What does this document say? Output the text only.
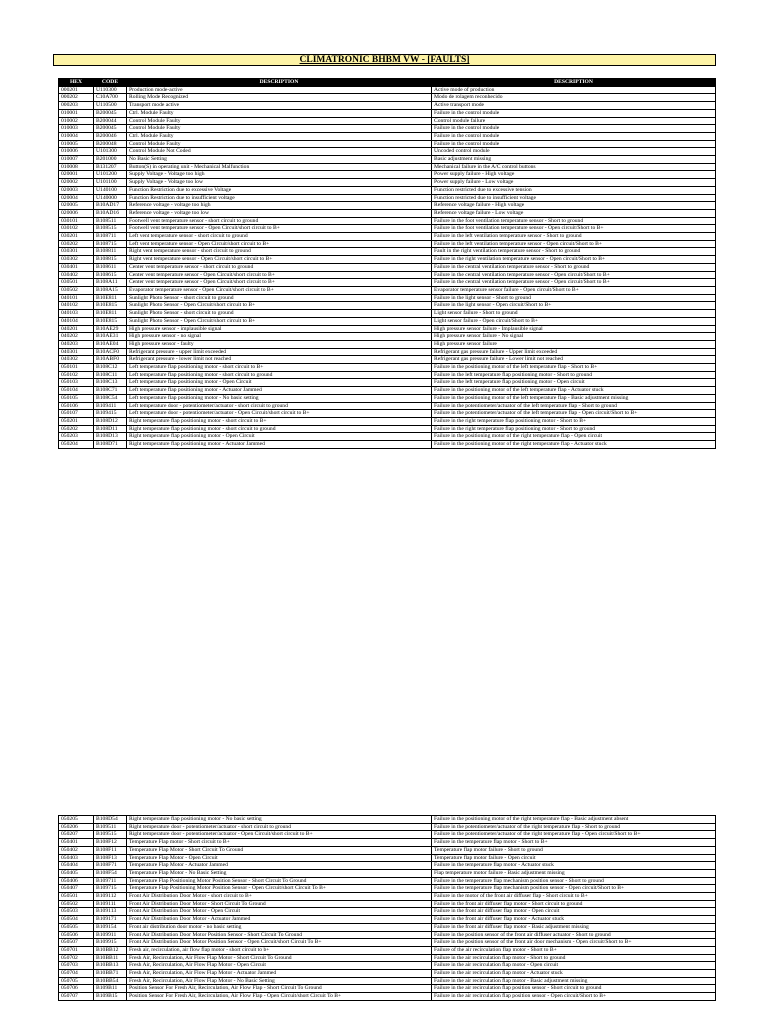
CLIMATRONIC BHBM VW - [FAULTS]
HEX	CODE	DESCRIPTION	DESCRIPTION
000201	U110300	Production mode-active	Active mode of production
000202	C10A700	Rolling Mode Recognized	Modo de rolagem reconhecido
000203	U110500	Transport mode active	Active transport mode
010001	B200045	Ctrl. Module Faulty	Failure in the control module
010002	B200044	Control Module Faulty	Control module failure
010003	B200045	Control Module Faulty	Failure in the control module
010004	B200046	Ctrl. Module Faulty	Failure in the control module
010005	B200048	Control Module Faulty	Failure in the control module
010006	U101300	Control Module Not Coded	Uncoded control module
010007	B201000	No Basic Setting	Basic adjustment missing
010008	B131207	Button(S) in operating unit - Mechanical Malfunction	Mechanical failure in the A/C control buttons
020001	U101200	Supply Voltage - Voltage too high	Power supply failure - High voltage
020002	U101100	Supply Voltage - Voltage too low	Power supply failure - Low voltage
020003	U140100	Function Restriction due to excessive Voltage	Function restricted due to excessive tension
020004	U140000	Function Restriction due to insufficient voltage	Function restricted due to insufficient voltage
020005	B10AD17	Reference voltage - voltage too high	Reference voltage failure - High voltage
020006	B10AD16	Reference voltage - voltage too low	Reference voltage failure - Low voltage
030101	B108511	Footwell vent temperature sensor - short circuit to ground	Failure in the foot ventilation temperature sensor - Short to ground
030102	B108515	Footwell vent temperature sensor - Open Circuit/short circuit to B+	Failure in the foot ventilation temperature sensor - Open circuit/Short to B+
030201	B108711	Left vent temperature sensor - short circuit to ground	Failure in the left ventilation temperature sensor - Short to ground
030202	B108715	Left vent temperature sensor - Open Circuit/short circuit to B+	Failure in the left ventilation temperature sensor - Open circuit/Short to B+
030301	B108811	Right vent temperature sensor - short circuit to ground	Fault in the right ventilation temperature sensor - Short to ground
030302	B108815	Right vent temperature sensor - Open Circuit/short circuit to B+	Failure in the right ventilation temperature sensor - Open circuit/Short to B+
030401	B108611	Center vent temperature sensor - short circuit to ground	Failure in the central ventilation temperature sensor - Short to ground
030402	B108615	Center vent temperature sensor - Open Circuit/short circuit to B+	Failure in the central ventilation temperature sensor - Open circuit/Short to B+
030501	B108A11	Center vent temperature sensor - Open Circuit/short circuit to B+	Failure in the central ventilation temperature sensor - Open circuit/Short to B+
030502	B108A15	Evaporator temperature sensor - Open Circuit/short circuit to B+	Evaporator temperature sensor failure - Open circuit/Short to B+
040101	B10E811	Sunlight Photo Sensor - short circuit to ground	Failure in the light sensor - Short to ground
040102	B10E815	Sunlight Photo Sensor - Open Circuit/short circuit to B+	Failure in the light sensor - Open circuit/Short to B+
040103	B10E811	Sunlight Photo Sensor - short circuit to ground	Light sensor failure - Short to ground
040104	B10E815	Sunlight Photo Sensor - Open Circuit/short circuit to B+	Light sensor failure - Open circuit/Short to B+
040201	B10AE29	High pressure sensor - implausible signal	High pressure sensor failure - Implausible signal
040202	B10AE31	High pressure sensor - no signal	High pressure sensor failure - No signal
040203	B10AE04	High pressure sensor - faulty	High pressure sensor failure
040301	B10ACF0	Refrigerant pressure - upper limit exceeded	Refrigerant gas pressure failure - Upper limit exceeded
040302	B10ABF0	Refrigerant pressure - lower limit not reached	Refrigerant gas pressure failure - Lower limit not reached
050101	B108C12	Left temperature flap positioning motor - short circuit to B+	Failure in the positioning motor of the left temperature flap - Short to B+
050102	B108C11	Left temperature flap positioning motor - short circuit to ground	Failure in the left temperature flap positioning motor - Short to ground
050103	B108C13	Left temperature flap positioning motor - Open Circuit	Failure in the left temperature flap positioning motor - Open circuit
050104	B108C71	Left temperature flap positioning motor - Actuator Jammed	Failure in the positioning motor of the left temperature flap - Actuator stuck
050105	B108C54	Left temperature flap positioning motor - No basic setting	Failure in the positioning motor of the left temperature flap - Basic adjustment missing
050106	B109411	Left temperature door - potentiometer/actuator - short circuit to ground	Failure in the potentiometer/actuator of the left temperature flap - Short to ground
050107	B109415	Left temperature door - potentiometer/actuator - Open Circuit/short circuit to B+	Failure in the potentiometer/actuator of the left temperature flap - Open circuit/Short to B+
050201	B108D12	Right temperature flap positioning motor - short circuit to B+	Failure in the right temperature flap positioning motor - Short to B+
050202	B108D11	Right temperature flap positioning motor - short circuit to ground	Failure in the right temperature flap positioning motor - Short to ground
050203	B108D13	Right temperature flap positioning motor - Open Circuit	Failure in the positioning motor of the right temperature flap - Open circuit
050204	B108D71	Right temperature flap positioning motor - Actuator Jammed	Failure in the positioning motor of the right temperature flap - Actuator stuck
050205	B108D54	Right temperature flap positioning motor - No basic setting	Failure in the positioning motor of the right temperature flap - Basic adjustment absent
050206	B109511	Right temperature door - potentiometer/actuator - short circuit to ground	Failure in the potentiometer/actuator of the right temperature flap - Short to ground
050207	B109515	Right temperature door - potentiometer/actuator - Open Circuit/short circuit to B+	Failure in the potentiometer/actuator of the right temperature flap - Open circuit/Short to B+
050401	B108F12	Temperature Flap motor - Short circuit to B+	Failure in the temperature flap motor - Short to B+
050402	B108F11	Temperature Flap Motor - Short Circuit To Ground	Temperature flap motor failure - Short to ground
050403	B108F13	Temperature Flap Motor - Open Circuit	Temperature flap motor failure - Open circuit
050404	B108F71	Temperature Flap Motor - Actuator Jammed	Failure in the temperature flap motor - Actuator stuck
050405	B108F54	Temperature Flap Motor - No Basic Setting	Flap temperature motor failure - Basic adjustment missing
050406	B109711	Temperature Flap Positioning Motor Position Sensor - Short Circuit To Ground	Failure in the temperature flap mechanism position sensor - Short to ground
050407	B109715	Temperature Flap Positioning Motor Position Sensor - Open Circuit/short Circuit To B+	Failure in the temperature flap mechanism position sensor - Open circuit/Short to B+
050501	B109112	Front Air Distribution Door Motor - short circuit to B+	Failure in the motor of the front air diffuser flap - Short circuit to B+
050502	B109111	Front Air Distribution Door Motor - Short Circuit To Ground	Failure in the front air diffuser flap motor - Short circuit to ground
050503	B109113	Front Air Distribution Door Motor - Open Circuit	Failure in the front air diffuser flap motor - Open circuit
050504	B109171	Front Air Distribution Door Motor - Actuator Jammed	Failure in the front air diffuser flap motor - Actuator stuck
050505	B109154	Front air distribution door motor - no basic setting	Failure in the front air diffuser flap motor - Basic adjustment missing
050506	B109911	Front Air Distribution Door Motor Position Sensor - Short Circuit To Ground	Failure in the position sensor of the front air diffuser actuator - Short to ground
050507	B109915	Front Air Distribution Door Motor Position Sensor - Open Circuit/short Circuit To B+	Failure in the position sensor of the front air door mechanism - Open circuit/Short to B+
050701	B10BB12	Fresh air, recirculation, air flow flap motor - short circuit to b+	Failure of the air recirculation flap motor - Short to B+
050702	B10BB11	Fresh Air, Recirculation, Air Flow Flap Motor - Short Circuit To Ground	Failure in the air recirculation flap motor - Short to ground
050703	B10BB13	Fresh Air, Recirculation, Air Flow Flap Motor - Open Circuit	Failure in the air recirculation flap motor - Open circuit
050704	B10BB71	Fresh Air, Recirculation, Air Flow Flap Motor - Actuator Jammed	Failure in the air recirculation flap motor - Actuator stuck
050705	B10BB54	Fresh Air, Recirculation, Air Flow Flap Motor - No Basic Setting	Failure in the air recirculation flap motor - Basic adjustment missing
050706	B109B11	Position Sensor For Fresh Air, Recirculation, Air Flow Flap - Short Circuit To Ground	Failure in the air recirculation flap position sensor - Short circuit to ground
050707	B109B15	Position Sensor For Fresh Air, Recirculation, Air Flow Flap - Open Circuit/short Circuit To B+	Failure in the air recirculation flap position sensor - Open circuit/Short to B+
